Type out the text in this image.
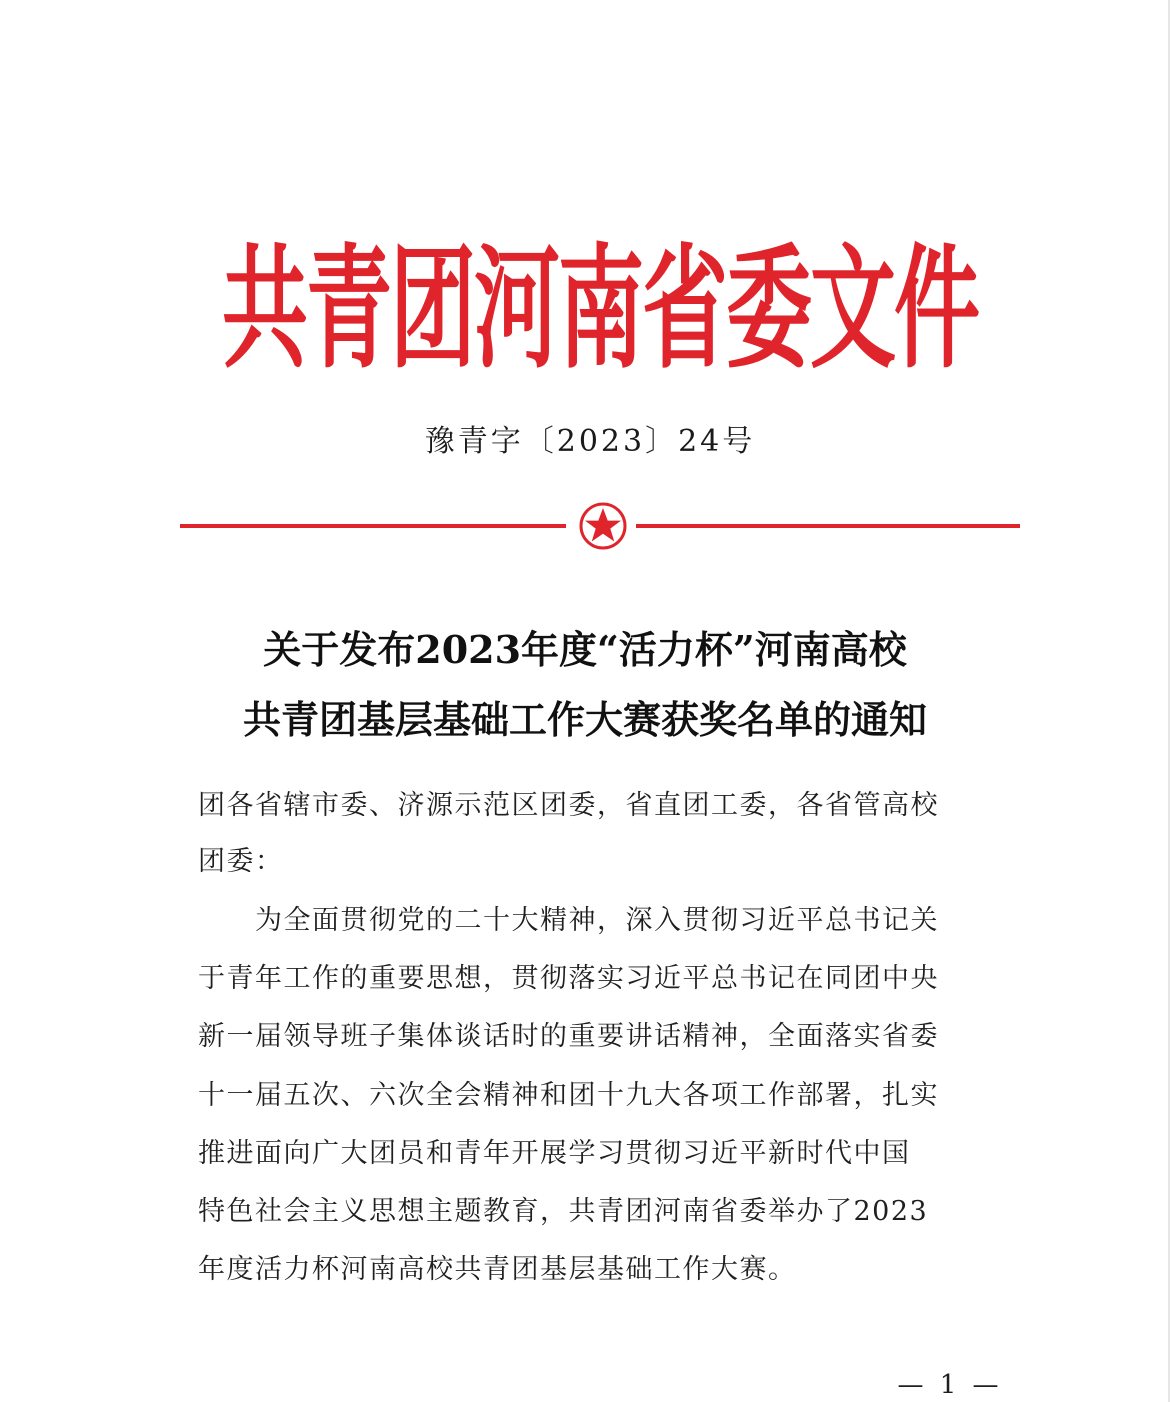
共青团河南省委文件
豫青字〔2023〕24号
关于发布2023年度“活力杯”河南高校
共青团基层基础工作大赛获奖名单的通知
团各省辖市委、济源示范区团委，省直团工委，各省管高校
团委：
　　为全面贯彻党的二十大精神，深入贯彻习近平总书记关
于青年工作的重要思想，贯彻落实习近平总书记在同团中央
新一届领导班子集体谈话时的重要讲话精神，全面落实省委
十一届五次、六次全会精神和团十九大各项工作部署，扎实
推进面向广大团员和青年开展学习贯彻习近平新时代中国
特色社会主义思想主题教育，共青团河南省委举办了2023
年度活力杯河南高校共青团基层基础工作大赛。
— 1 —
